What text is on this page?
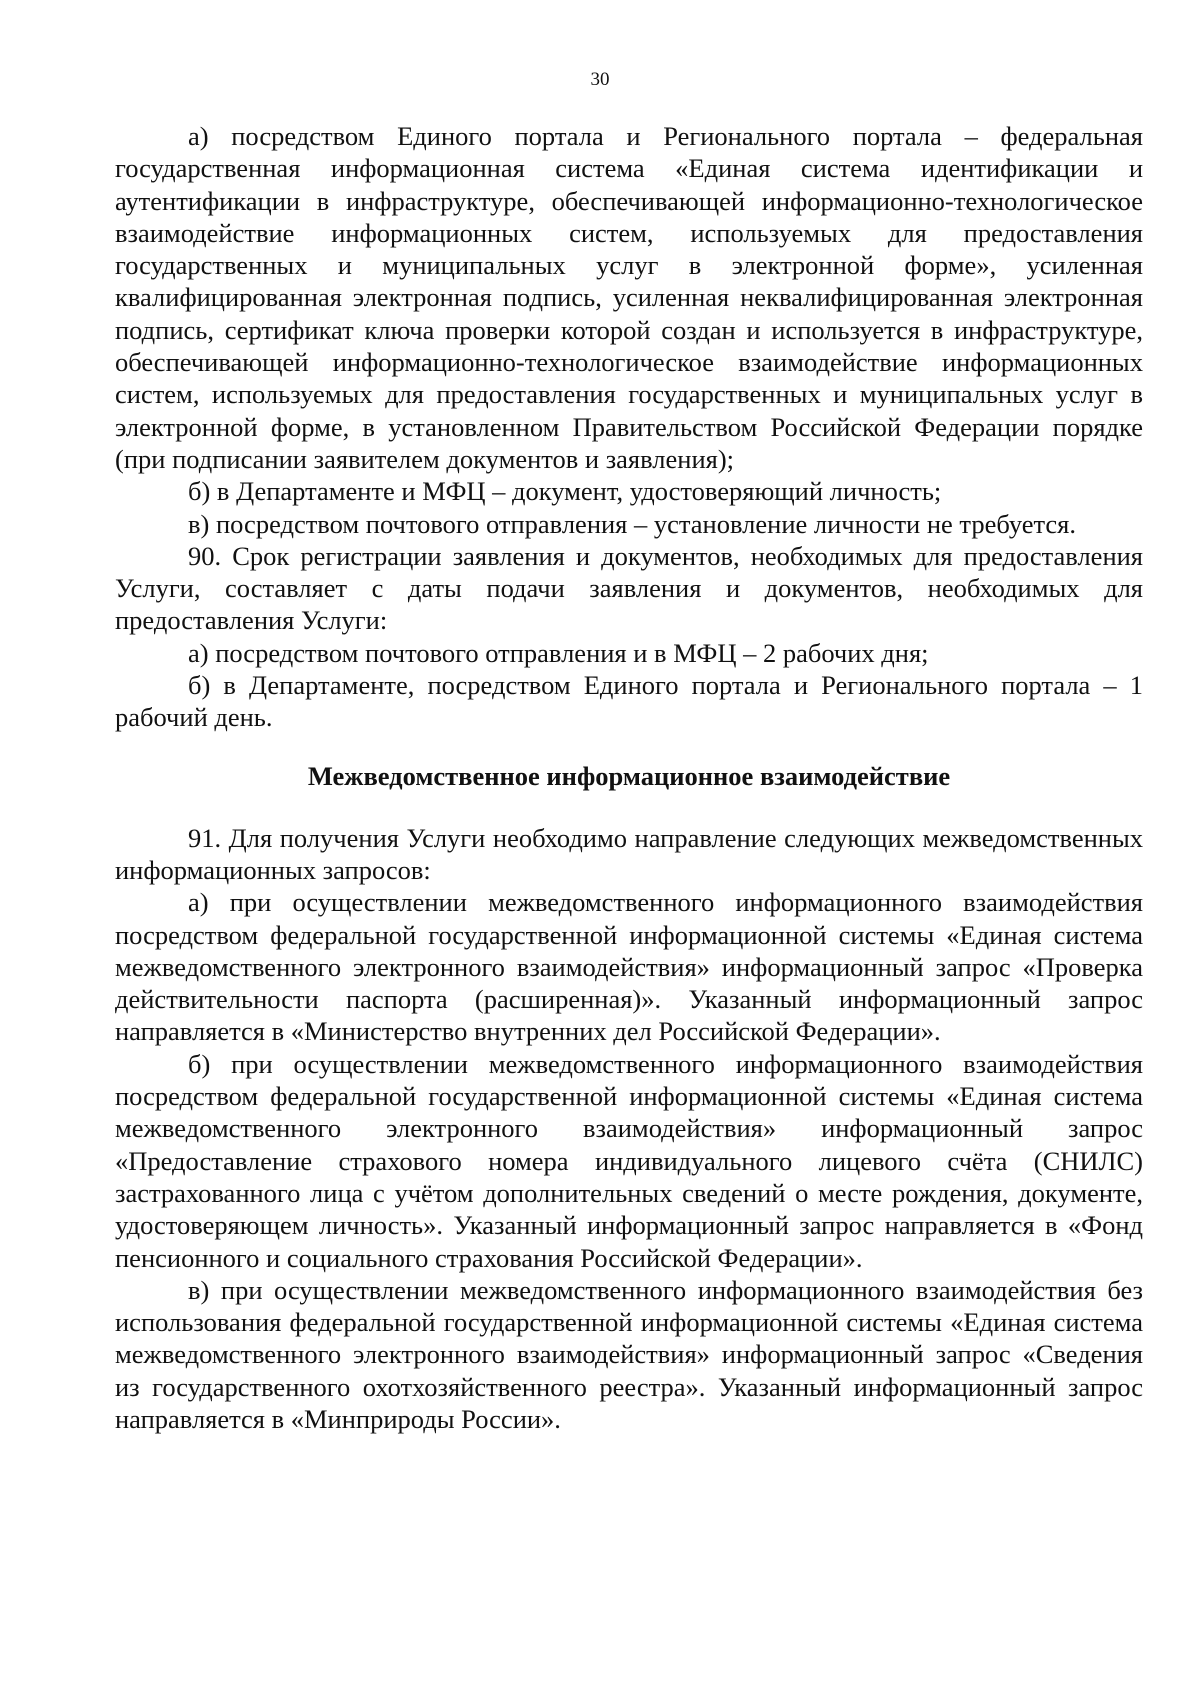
30

а) посредством Единого портала и Регионального портала – федеральная государственная информационная система «Единая система идентификации и аутентификации в инфраструктуре, обеспечивающей информационно-технологическое взаимодействие информационных систем, используемых для предоставления государственных и муниципальных услуг в электронной форме», усиленная квалифицированная электронная подпись, усиленная неквалифицированная электронная подпись, сертификат ключа проверки которой создан и используется в инфраструктуре, обеспечивающей информационно-технологическое взаимодействие информационных систем, используемых для предоставления государственных и муниципальных услуг в электронной форме, в установленном Правительством Российской Федерации порядке (при подписании заявителем документов и заявления);

б) в Департаменте и МФЦ – документ, удостоверяющий личность;

в) посредством почтового отправления – установление личности не требуется.

90. Срок регистрации заявления и документов, необходимых для предоставления Услуги, составляет с даты подачи заявления и документов, необходимых для предоставления Услуги:

а) посредством почтового отправления и в МФЦ – 2 рабочих дня;

б) в Департаменте, посредством Единого портала и Регионального портала – 1 рабочий день.

Межведомственное информационное взаимодействие

91. Для получения Услуги необходимо направление следующих межведомственных информационных запросов:

а) при осуществлении межведомственного информационного взаимодействия посредством федеральной государственной информационной системы «Единая система межведомственного электронного взаимодействия» информационный запрос «Проверка действительности паспорта (расширенная)». Указанный информационный запрос направляется в «Министерство внутренних дел Российской Федерации».

б) при осуществлении межведомственного информационного взаимодействия посредством федеральной государственной информационной системы «Единая система межведомственного электронного взаимодействия» информационный запрос «Предоставление страхового номера индивидуального лицевого счёта (СНИЛС) застрахованного лица с учётом дополнительных сведений о месте рождения, документе, удостоверяющем личность». Указанный информационный запрос направляется в «Фонд пенсионного и социального страхования Российской Федерации».

в) при осуществлении межведомственного информационного взаимодействия без использования федеральной государственной информационной системы «Единая система межведомственного электронного взаимодействия» информационный запрос «Сведения из государственного охотхозяйственного реестра». Указанный информационный запрос направляется в «Минприроды России».
